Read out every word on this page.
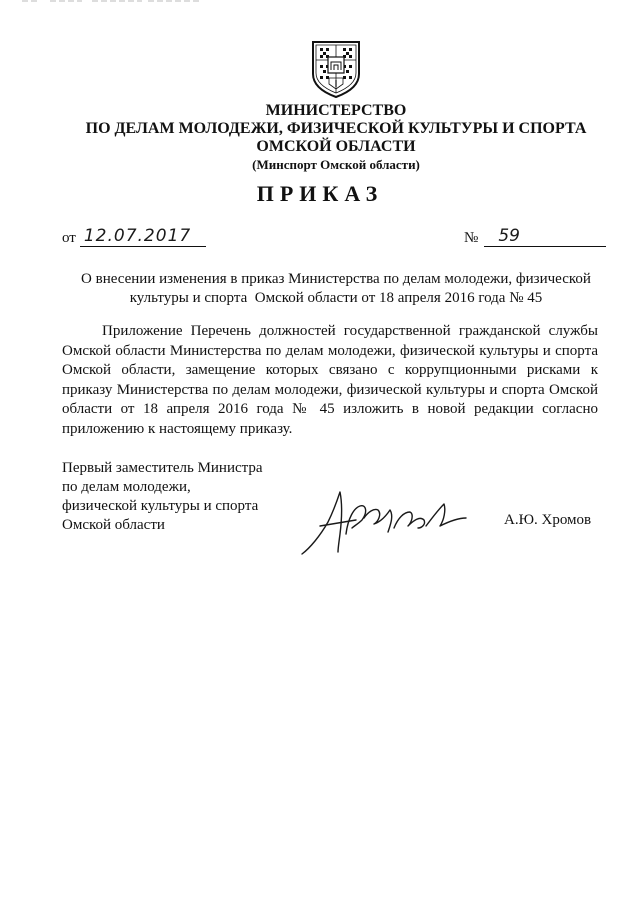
МИНИСТЕРСТВО
ПО ДЕЛАМ МОЛОДЕЖИ, ФИЗИЧЕСКОЙ КУЛЬТУРЫ И СПОРТА
ОМСКОЙ ОБЛАСТИ
(Минспорт Омской области)
ПРИКАЗ
от 12.07.2017	№	59
О внесении изменения в приказ Министерства по делам молодежи, физической
культуры и спорта  Омской области от 18 апреля 2016 года № 45
Приложение Перечень должностей государственной гражданской службы Омской области Министерства по делам молодежи, физической культуры и спорта Омской области, замещение которых связано с коррупционными рисками к приказу Министерства по делам молодежи, физической культуры и спорта Омской области от 18 апреля 2016 года № 45 изложить в новой редакции согласно приложению к настоящему приказу.
Первый заместитель Министра
по делам молодежи,
физической культуры и спорта
Омской области	А.Ю. Хромов
